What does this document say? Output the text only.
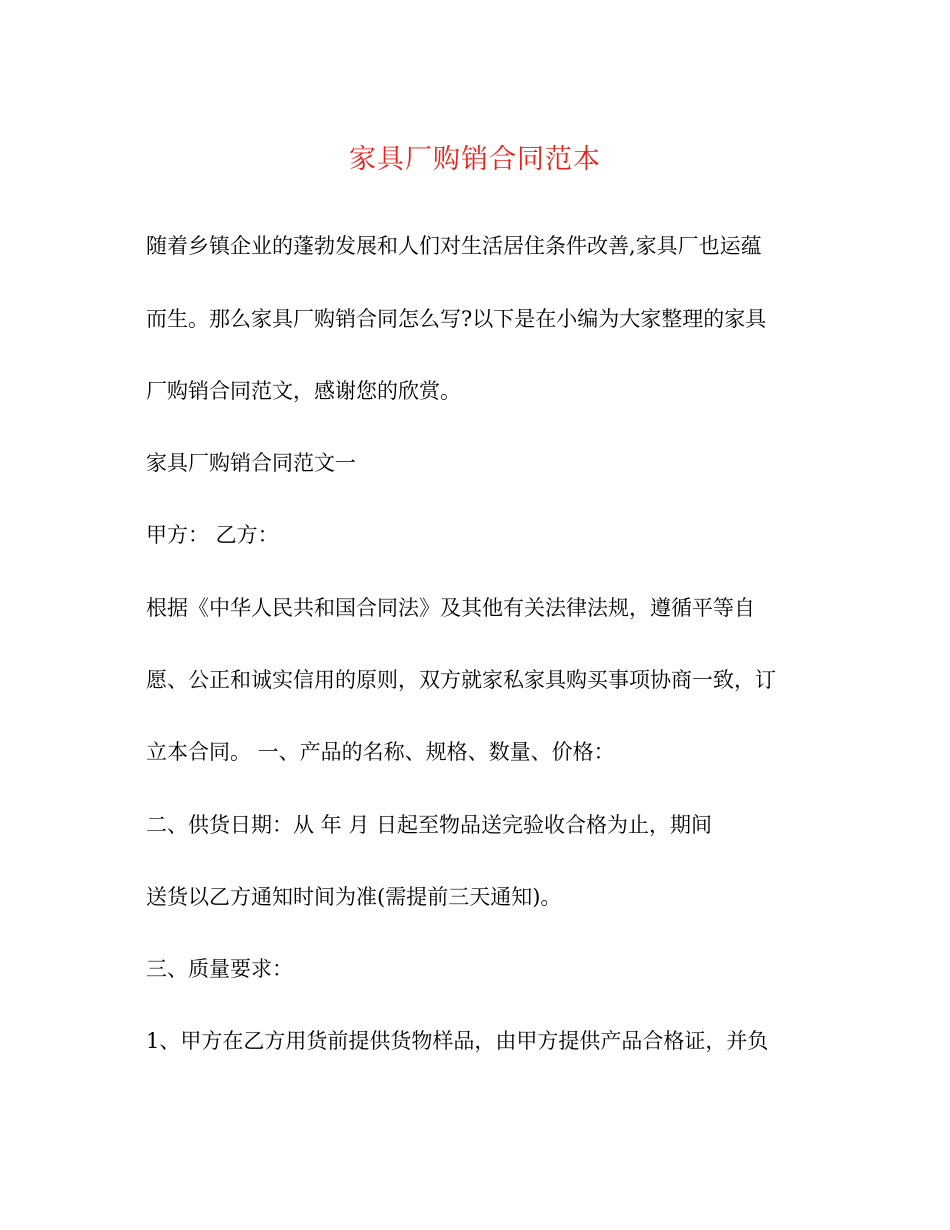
家具厂购销合同范本
随着乡镇企业的蓬勃发展和人们对生活居住条件改善,家具厂也运蕴
而生。那么家具厂购销合同怎么写?以下是在小编为大家整理的家具
厂购销合同范文，感谢您的欣赏。
家具厂购销合同范文一
甲方： 乙方：
根据《中华人民共和国合同法》及其他有关法律法规，遵循平等自
愿、公正和诚实信用的原则，双方就家私家具购买事项协商一致，订
立本合同。 一、产品的名称、规格、数量、价格：
二、供货日期：从 年 月 日起至物品送完验收合格为止，期间
送货以乙方通知时间为准(需提前三天通知)。
三、质量要求：
1、甲方在乙方用货前提供货物样品，由甲方提供产品合格证，并负
